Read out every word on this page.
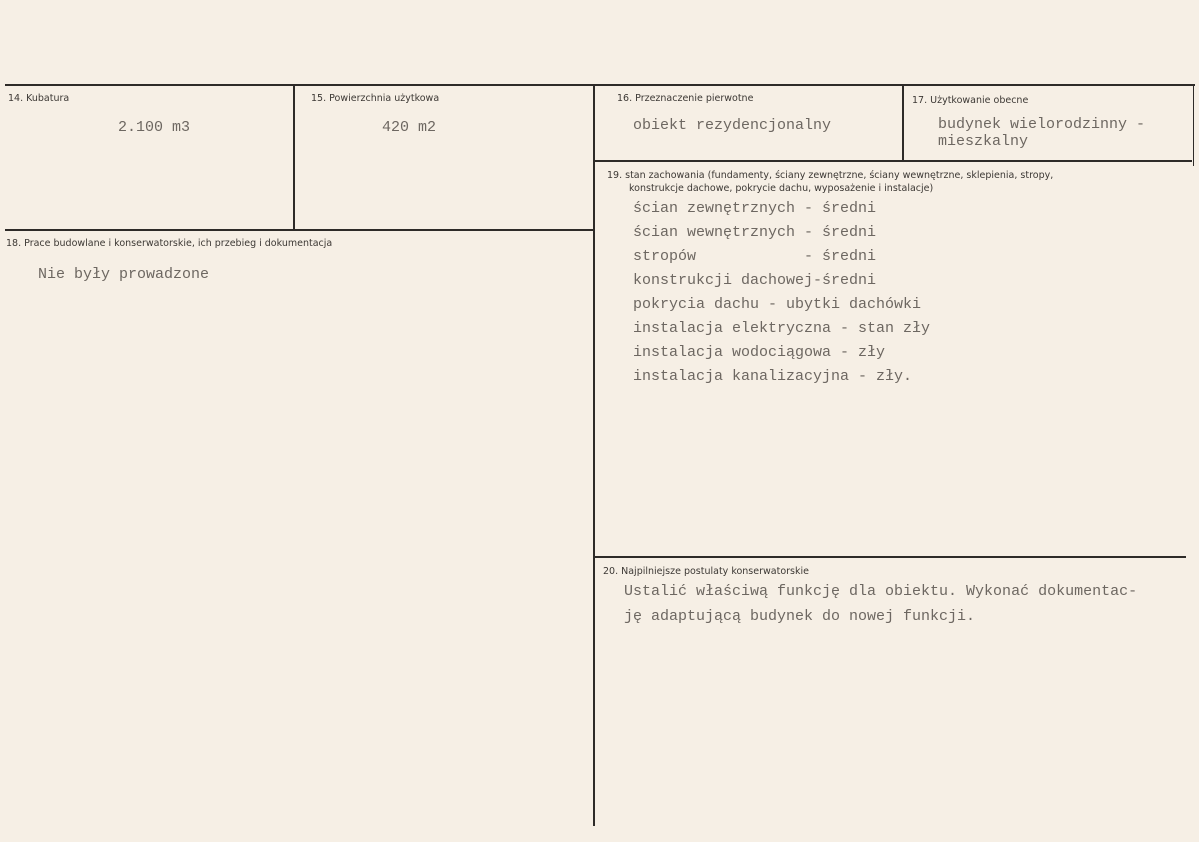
14. Kubatura
2.100 m3
15. Powierzchnia użytkowa
420 m2
16. Przeznaczenie pierwotne
obiekt rezydencjonalny
17. Użytkowanie obecne
budynek wielorodzinny -
mieszkalny
18. Prace budowlane i konserwatorskie, ich przebieg i dokumentacja
Nie były prowadzone
19. stan zachowania (fundamenty, ściany zewnętrzne, ściany wewnętrzne, sklepienia, stropy,
konstrukcje dachowe, pokrycie dachu, wyposażenie i instalacje)
ścian zewnętrznych - średni
ścian wewnętrznych - średni
stropów            - średni
konstrukcji dachowej-średni
pokrycia dachu - ubytki dachówki
instalacja elektryczna - stan zły
instalacja wodociągowa - zły
instalacja kanalizacyjna - zły.
20. Najpilniejsze postulaty konserwatorskie
Ustalić właściwą funkcję dla obiektu. Wykonać dokumentac-
ję adaptującą budynek do nowej funkcji.
